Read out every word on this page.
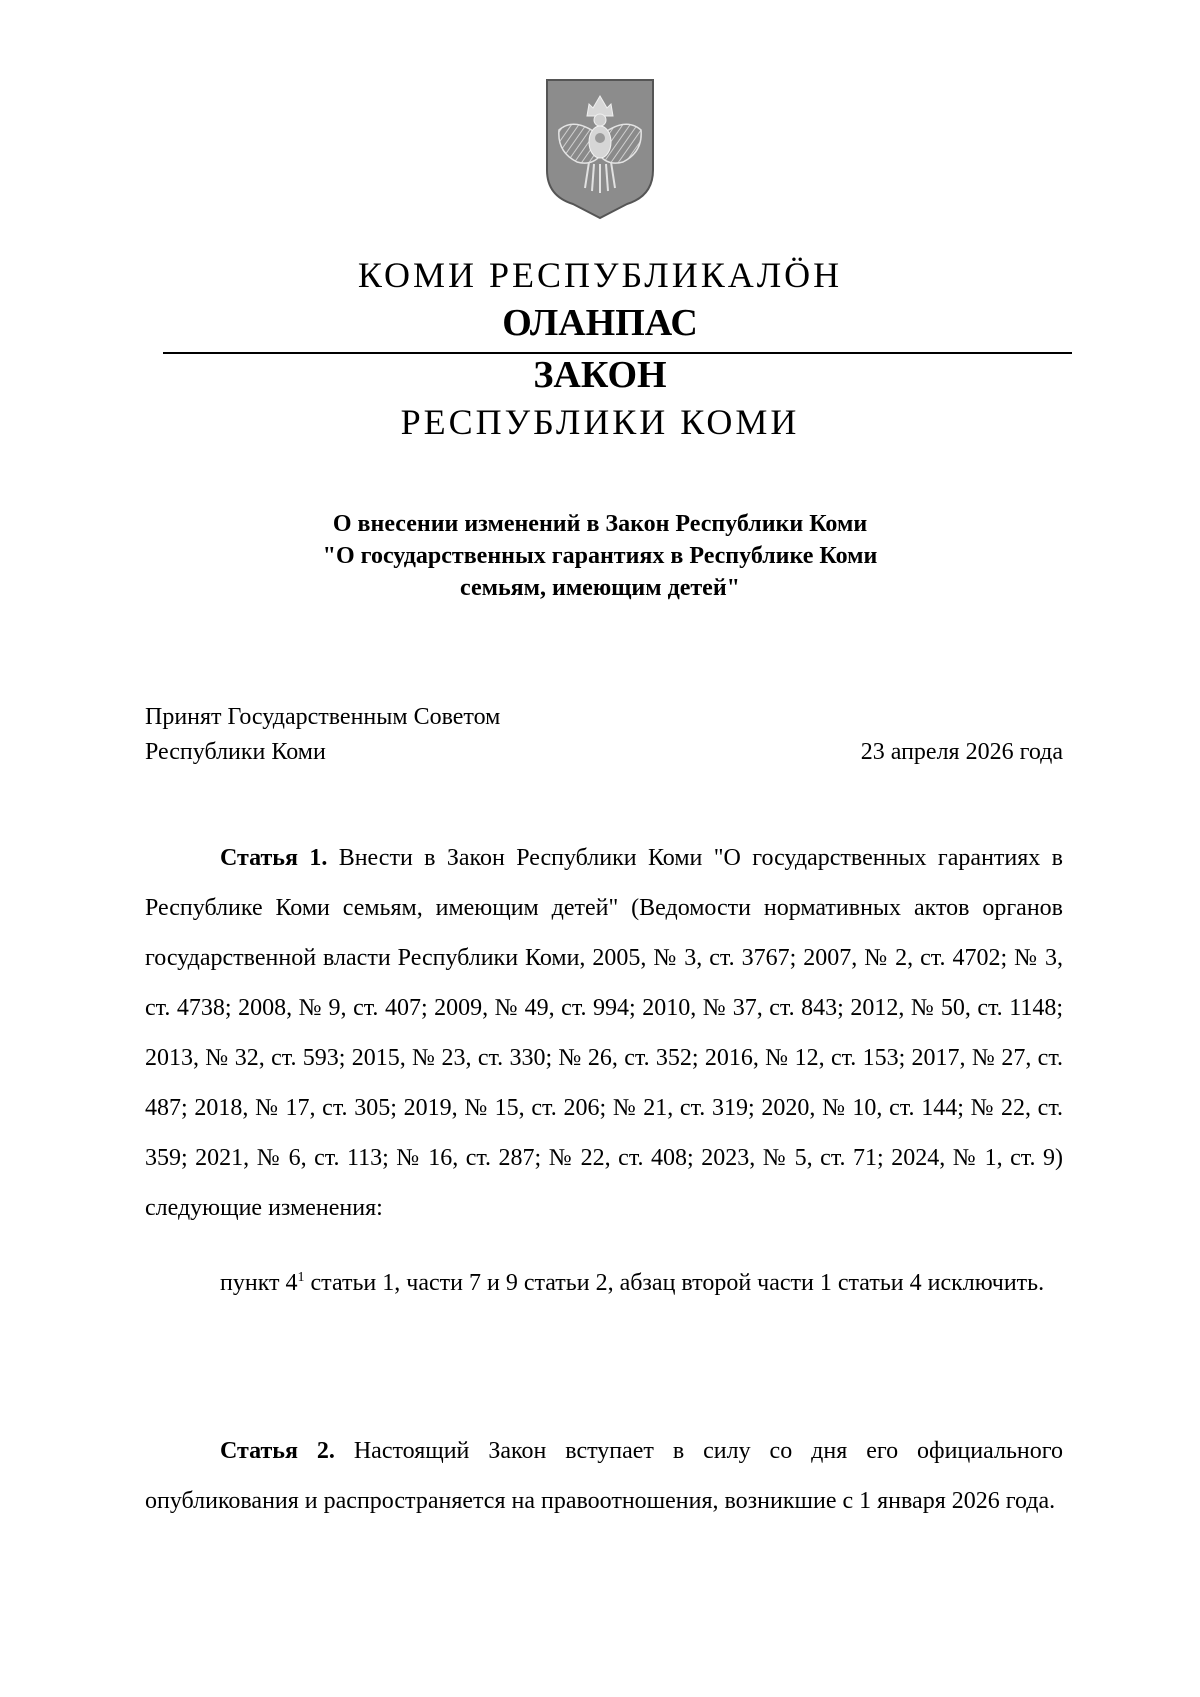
КОМИ РЕСПУБЛИКАЛÖН
ОЛАНПАС
ЗАКОН
РЕСПУБЛИКИ КОМИ
О внесении изменений в Закон Республики Коми
"О государственных гарантиях в Республике Коми
семьям, имеющим детей"
Принят Государственным Советом
Республики Коми	23 апреля 2026 года
Статья 1. Внести в Закон Республики Коми "О государственных гарантиях в Республике Коми семьям, имеющим детей" (Ведомости нормативных актов органов государственной власти Республики Коми, 2005, № 3, ст. 3767; 2007, № 2, ст. 4702; № 3, ст. 4738; 2008, № 9, ст. 407; 2009, № 49, ст. 994; 2010, № 37, ст. 843; 2012, № 50, ст. 1148; 2013, № 32, ст. 593; 2015, № 23, ст. 330; № 26, ст. 352; 2016, № 12, ст. 153; 2017, № 27, ст. 487; 2018, № 17, ст. 305; 2019, № 15, ст. 206; № 21, ст. 319; 2020, № 10, ст. 144; № 22, ст. 359; 2021, № 6, ст. 113; № 16, ст. 287; № 22, ст. 408; 2023, № 5, ст. 71; 2024, № 1, ст. 9) следующие изменения:
пункт $4^1$ статьи 1, части 7 и 9 статьи 2, абзац второй части 1 статьи 4 исключить.
Статья 2. Настоящий Закон вступает в силу со дня его официального опубликования и распространяется на правоотношения, возникшие с 1 января 2026 года.
